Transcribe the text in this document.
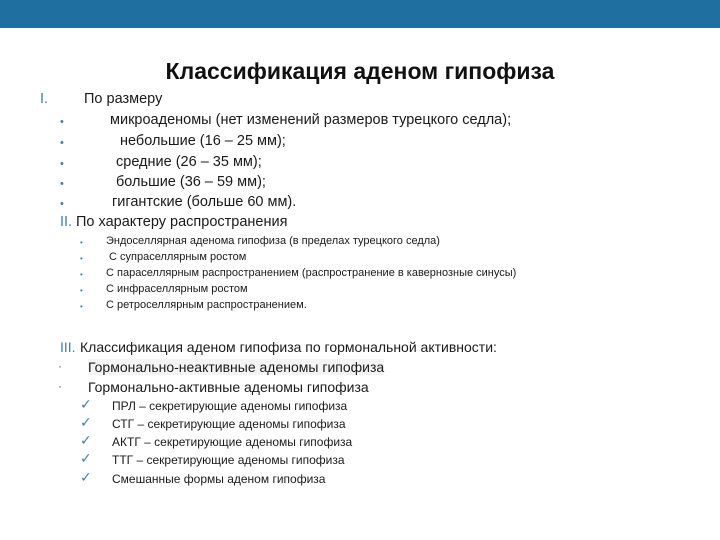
Классификация аденом гипофиза
I. По размеру
•	микроаденомы (нет изменений размеров турецкого седла);
•	небольшие (16 – 25 мм);
•	средние (26 – 35 мм);
•	большие (36 – 59 мм);
•	гигантские (больше 60 мм).
II. По характеру распространения
• Эндоселлярная аденома гипофиза (в пределах турецкого седла)
• С супраселлярным ростом
• С параселлярным распространением (распространение в кавернозные синусы)
• С инфраселлярным ростом
• С ретроселлярным распространением.
III. Классификация аденом гипофиза по гормональной активности:
· Гормонально-неактивные аденомы гипофиза
· Гормонально-активные аденомы гипофиза
✓ ПРЛ – секретирующие аденомы гипофиза
✓ СТГ – секретирующие аденомы гипофиза
✓ АКТГ – секретирующие аденомы гипофиза
✓ ТТГ – секретирующие аденомы гипофиза
✓ Смешанные формы аденом гипофиза
